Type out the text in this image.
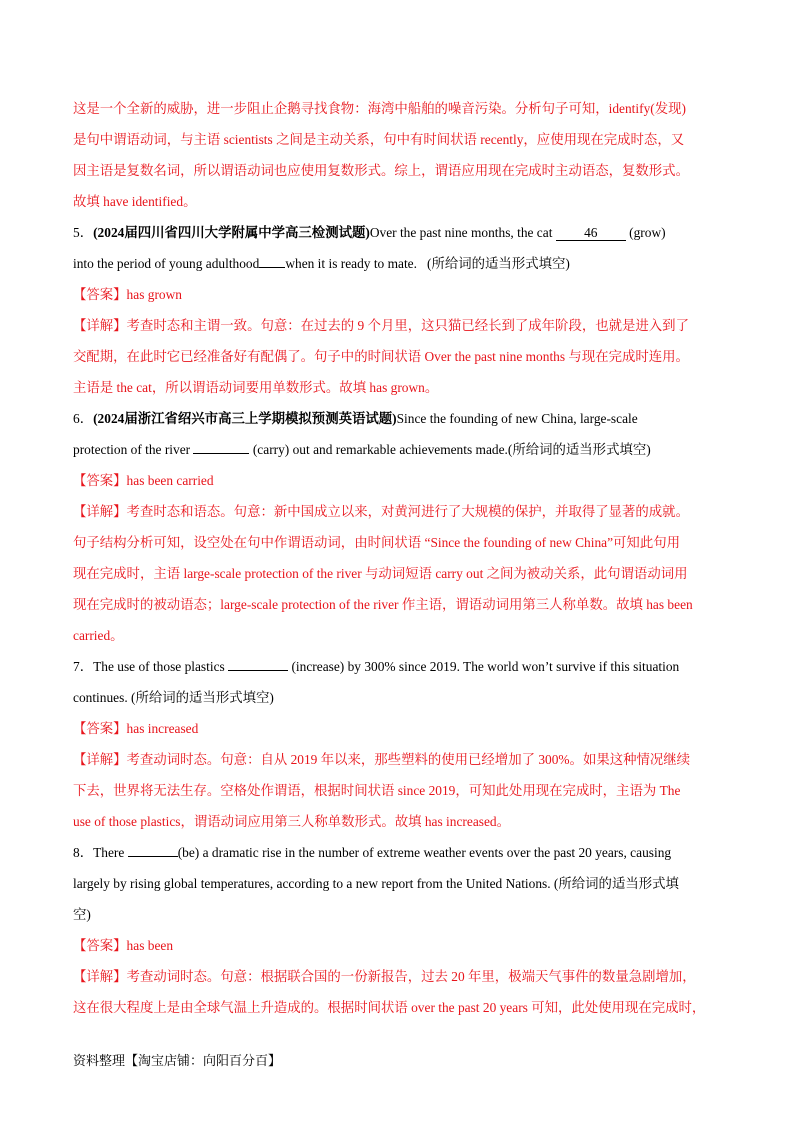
这是一个全新的威胁，进一步阻止企鹅寻找食物：海湾中船舶的噪音污染。分析句子可知，identify(发现)
是句中谓语动词，与主语 scientists 之间是主动关系，句中有时间状语 recently，应使用现在完成时态，又
因主语是复数名词，所以谓语动词也应使用复数形式。综上，谓语应用现在完成时主动语态，复数形式。
故填 have identified。
5．(2024届四川省四川大学附属中学高三检测试题)Over the past nine months, the cat 46 (grow)
into the period of young adulthood when it is ready to mate. (所给词的适当形式填空)
【答案】has grown
【详解】考查时态和主谓一致。句意：在过去的 9 个月里，这只猫已经长到了成年阶段，也就是进入到了
交配期，在此时它已经准备好有配偶了。句子中的时间状语 Over the past nine months 与现在完成时连用。
主语是 the cat，所以谓语动词要用单数形式。故填 has grown。
6．(2024届浙江省绍兴市高三上学期模拟预测英语试题)Since the founding of new China, large-scale
protection of the river	(carry) out and remarkable achievements made.(所给词的适当形式填空)
【答案】has been carried
【详解】考查时态和语态。句意：新中国成立以来，对黄河进行了大规模的保护，并取得了显著的成就。
句子结构分析可知，设空处在句中作谓语动词，由时间状语 “Since the founding of new China”可知此句用
现在完成时，主语 large-scale protection of the river 与动词短语 carry out 之间为被动关系，此句谓语动词用
现在完成时的被动语态；large-scale protection of the river 作主语，谓语动词用第三人称单数。故填 has been
carried。
7．The use of those plastics	(increase) by 300% since 2019. The world won’t survive if this situation
continues. (所给词的适当形式填空)
【答案】has increased
【详解】考查动词时态。句意：自从 2019 年以来，那些塑料的使用已经增加了 300%。如果这种情况继续
下去，世界将无法生存。空格处作谓语，根据时间状语 since 2019，可知此处用现在完成时，主语为 The
use of those plastics，谓语动词应用第三人称单数形式。故填 has increased。
8．There	(be) a dramatic rise in the number of extreme weather events over the past 20 years, causing
largely by rising global temperatures, according to a new report from the United Nations. (所给词的适当形式填
空)
【答案】has been
【详解】考查动词时态。句意：根据联合国的一份新报告，过去 20 年里，极端天气事件的数量急剧增加，
这在很大程度上是由全球气温上升造成的。根据时间状语 over the past 20 years 可知，此处使用现在完成时，
资料整理【淘宝店铺：向阳百分百】
